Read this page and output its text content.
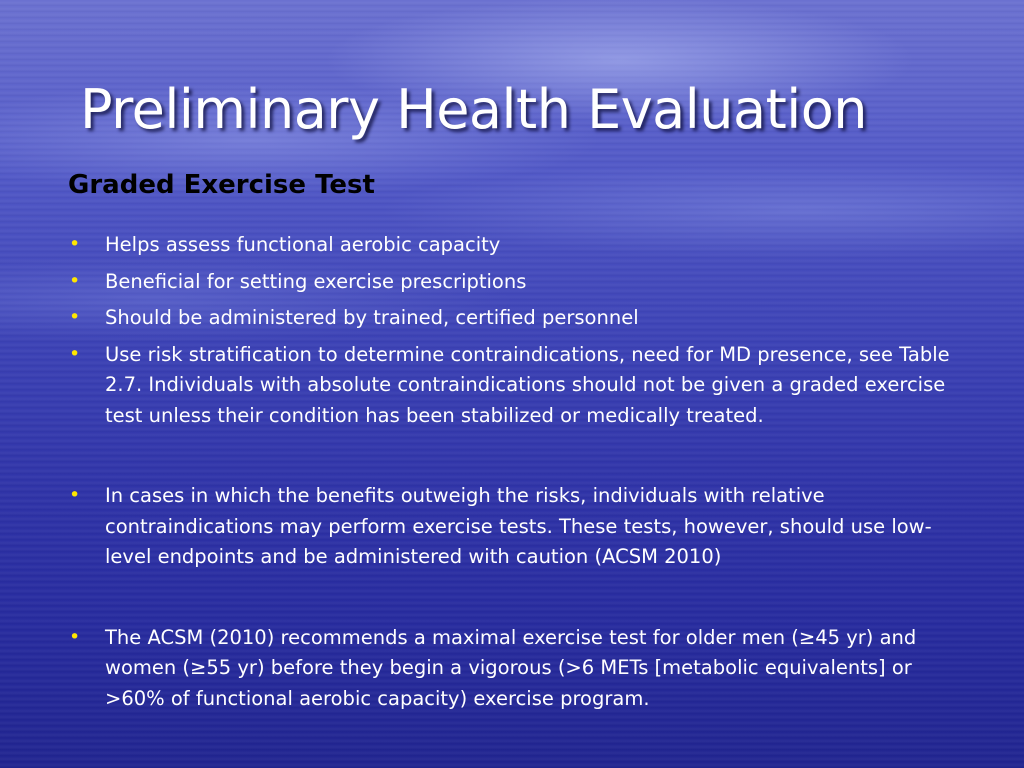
Preliminary Health Evaluation
Graded Exercise Test
• Helps assess functional aerobic capacity
• Beneficial for setting exercise prescriptions
• Should be administered by trained, certified personnel
• Use risk stratification to determine contraindications, need for MD presence, see Table 2.7. Individuals with absolute contraindications should not be given a graded exercise test unless their condition has been stabilized or medically treated.
• In cases in which the benefits outweigh the risks, individuals with relative contraindications may perform exercise tests. These tests, however, should use low-level endpoints and be administered with caution (ACSM 2010)
• The ACSM (2010) recommends a maximal exercise test for older men (≥45 yr) and women (≥55 yr) before they begin a vigorous (>6 METs [metabolic equivalents] or >60% of functional aerobic capacity) exercise program.
